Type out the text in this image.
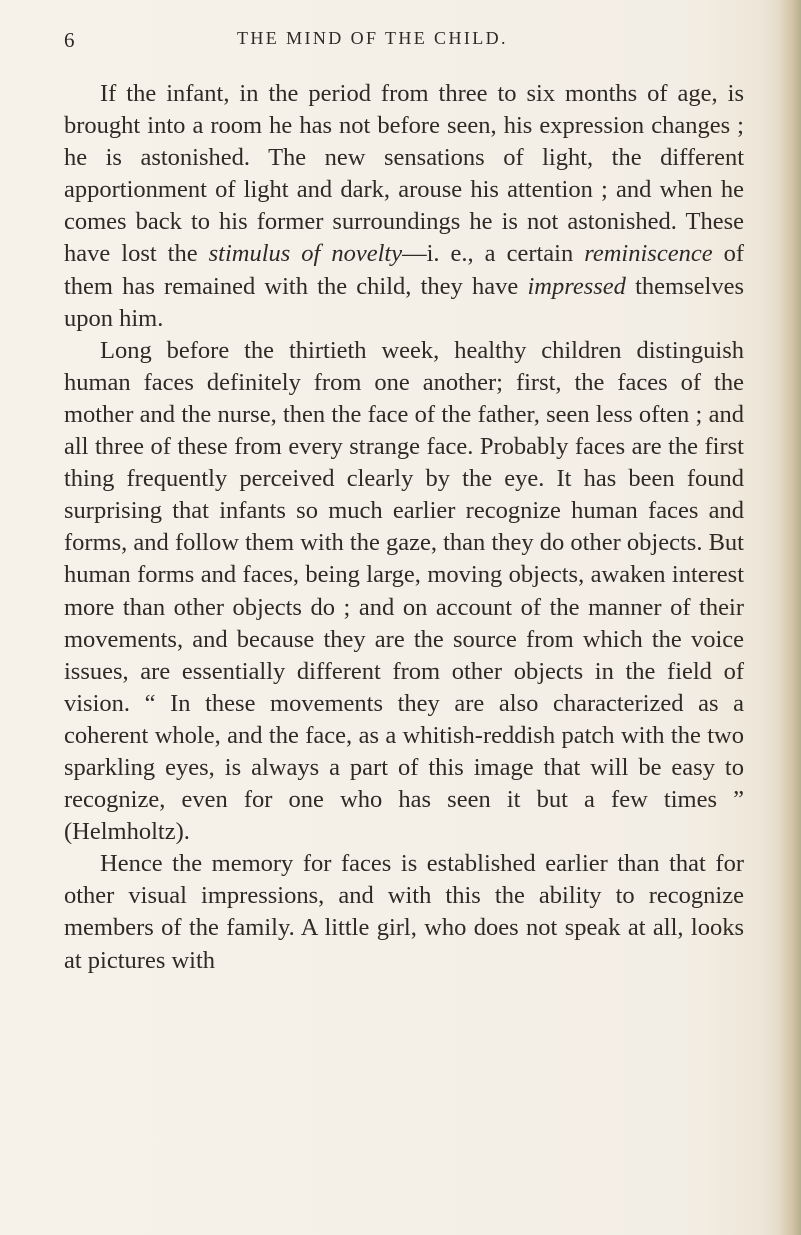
6	THE MIND OF THE CHILD.

If the infant, in the period from three to six months of age, is brought into a room he has not before seen, his expression changes ; he is astonished. The new sensations of light, the different apportionment of light and dark, arouse his attention ; and when he comes back to his former surroundings he is not astonished. These have lost the stimulus of novelty—i. e., a certain reminiscence of them has remained with the child, they have impressed themselves upon him.

Long before the thirtieth week, healthy children distinguish human faces definitely from one another; first, the faces of the mother and the nurse, then the face of the father, seen less often ; and all three of these from every strange face. Probably faces are the first thing frequently perceived clearly by the eye. It has been found surprising that infants so much earlier recognize human faces and forms, and follow them with the gaze, than they do other objects. But human forms and faces, being large, moving objects, awaken interest more than other objects do ; and on account of the manner of their movements, and because they are the source from which the voice issues, are essentially different from other objects in the field of vision. “ In these movements they are also characterized as a coherent whole, and the face, as a whitish-reddish patch with the two sparkling eyes, is always a part of this image that will be easy to recognize, even for one who has seen it but a few times ” (Helmholtz).

Hence the memory for faces is established earlier than that for other visual impressions, and with this the ability to recognize members of the family. A little girl, who does not speak at all, looks at pictures with
